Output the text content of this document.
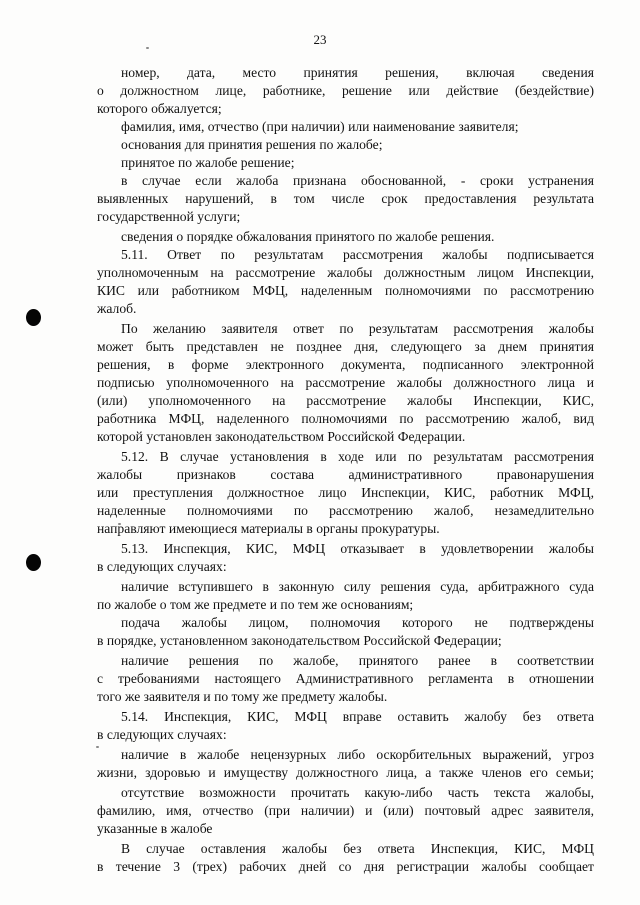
23
номер, дата, место принятия решения, включая сведения
о должностном лице, работнике, решение или действие (бездействие)
которого обжалуется;
фамилия, имя, отчество (при наличии) или наименование заявителя;
основания для принятия решения по жалобе;
принятое по жалобе решение;
в случае если жалоба признана обоснованной, - сроки устранения
выявленных нарушений, в том числе срок предоставления результата
государственной услуги;
сведения о порядке обжалования принятого по жалобе решения.
5.11. Ответ по результатам рассмотрения жалобы подписывается
уполномоченным на рассмотрение жалобы должностным лицом Инспекции,
КИС или работником МФЦ, наделенным полномочиями по рассмотрению
жалоб.
По желанию заявителя ответ по результатам рассмотрения жалобы
может быть представлен не позднее дня, следующего за днем принятия
решения, в форме электронного документа, подписанного электронной
подписью уполномоченного на рассмотрение жалобы должностного лица и
(или) уполномоченного на рассмотрение жалобы Инспекции, КИС,
работника МФЦ, наделенного полномочиями по рассмотрению жалоб, вид
которой установлен законодательством Российской Федерации.
5.12. В случае установления в ходе или по результатам рассмотрения
жалобы признаков состава административного правонарушения
или преступления должностное лицо Инспекции, КИС, работник МФЦ,
наделенные полномочиями по рассмотрению жалоб, незамедлительно
направляют имеющиеся материалы в органы прокуратуры.
5.13. Инспекция, КИС, МФЦ отказывает в удовлетворении жалобы
в следующих случаях:
наличие вступившего в законную силу решения суда, арбитражного суда
по жалобе о том же предмете и по тем же основаниям;
подача жалобы лицом, полномочия которого не подтверждены
в порядке, установленном законодательством Российской Федерации;
наличие решения по жалобе, принятого ранее в соответствии
с требованиями настоящего Административного регламента в отношении
того же заявителя и по тому же предмету жалобы.
5.14. Инспекция, КИС, МФЦ вправе оставить жалобу без ответа
в следующих случаях:
наличие в жалобе нецензурных либо оскорбительных выражений, угроз
жизни, здоровью и имуществу должностного лица, а также членов его семьи;
отсутствие возможности прочитать какую-либо часть текста жалобы,
фамилию, имя, отчество (при наличии) и (или) почтовый адрес заявителя,
указанные в жалобе
В случае оставления жалобы без ответа Инспекция, КИС, МФЦ
в течение 3 (трех) рабочих дней со дня регистрации жалобы сообщает
